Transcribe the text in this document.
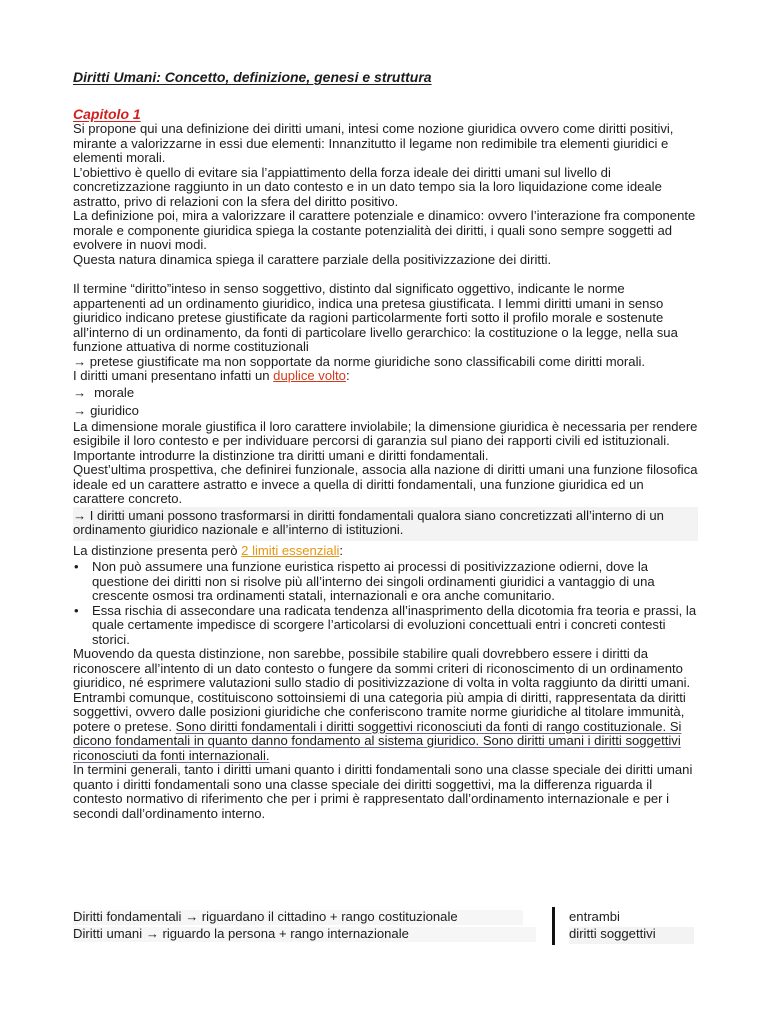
Diritti Umani: Concetto, definizione, genesi e struttura
Capitolo 1

Si propone qui una definizione dei diritti umani, intesi come nozione giuridica ovvero come diritti positivi, mirante a valorizzarne in essi due elementi: Innanzitutto il legame non redimibile tra elementi giuridici e elementi morali.

L’obiettivo è quello di evitare sia l’appiattimento della forza ideale dei diritti umani sul livello di concretizzazione raggiunto in un dato contesto e in un dato tempo sia la loro liquidazione come ideale astratto, privo di relazioni con la sfera del diritto positivo.

La definizione poi, mira a valorizzare il carattere potenziale e dinamico: ovvero l’interazione fra componente morale e componente giuridica spiega la costante potenzialità dei diritti, i quali sono sempre soggetti ad evolvere in nuovi modi.

Questa natura dinamica spiega il carattere parziale della positivizzazione dei diritti.

Il termine “diritto”inteso in senso soggettivo, distinto dal significato oggettivo, indicante le norme appartenenti ad un ordinamento giuridico, indica una pretesa giustificata. I lemmi diritti umani in senso giuridico indicano pretese giustificate da ragioni particolarmente forti sotto il profilo morale e sostenute all’interno di un ordinamento, da fonti di particolare livello gerarchico: la costituzione o la legge, nella sua funzione attuativa di norme costituzionali

→ pretese giustificate ma non sopportate da norme giuridiche sono classificabili come diritti morali.

I diritti umani presentano infatti un duplice volto:

→ morale

→ giuridico

La dimensione morale giustifica il loro carattere inviolabile; la dimensione giuridica è necessaria per rendere esigibile il loro contesto e per individuare percorsi di garanzia sul piano dei rapporti civili ed istituzionali.

Importante introdurre la distinzione tra diritti umani e diritti fondamentali.

Quest’ultima prospettiva, che definirei funzionale, associa alla nazione di diritti umani una funzione filosofica ideale ed un carattere astratto e invece a quella di diritti fondamentali, una funzione giuridica ed un carattere concreto.

→ I diritti umani possono trasformarsi in diritti fondamentali qualora siano concretizzati all’interno di un ordinamento giuridico nazionale e all’interno di istituzioni.

La distinzione presenta però 2 limiti essenziali:

• Non può assumere una funzione euristica rispetto ai processi di positivizzazione odierni, dove la questione dei diritti non si risolve più all’interno dei singoli ordinamenti giuridici a vantaggio di una crescente osmosi tra ordinamenti statali, internazionali e ora anche comunitario.
• Essa rischia di assecondare una radicata tendenza all’inasprimento della dicotomia fra teoria e prassi, la quale certamente impedisce di scorgere l’articolarsi di evoluzioni concettuali entri i concreti contesti storici.

Muovendo da questa distinzione, non sarebbe, possibile stabilire quali dovrebbero essere i diritti da riconoscere all’intento di un dato contesto o fungere da sommi criteri di riconoscimento di un ordinamento giuridico, né esprimere valutazioni sullo stadio di positivizzazione di volta in volta raggiunto da diritti umani.

Entrambi comunque, costituiscono sottoinsiemi di una categoria più ampia di diritti, rappresentata da diritti soggettivi, ovvero dalle posizioni giuridiche che conferiscono tramite norme giuridiche al titolare immunità, potere o pretese. Sono diritti fondamentali i diritti soggettivi riconosciuti da fonti di rango costituzionale. Si dicono fondamentali in quanto danno fondamento al sistema giuridico. Sono diritti umani i diritti soggettivi riconosciuti da fonti internazionali.

In termini generali, tanto i diritti umani quanto i diritti fondamentali sono una classe speciale dei diritti umani quanto i diritti fondamentali sono una classe speciale dei diritti soggettivi, ma la differenza riguarda il contesto normativo di riferimento che per i primi è rappresentato dall’ordinamento internazionale e per i secondi dall’ordinamento interno.

Diritti fondamentali → riguardano il cittadino + rango costituzionale
Diritti umani → riguardo la persona + rango internazionale
entrambi
diritti soggettivi
